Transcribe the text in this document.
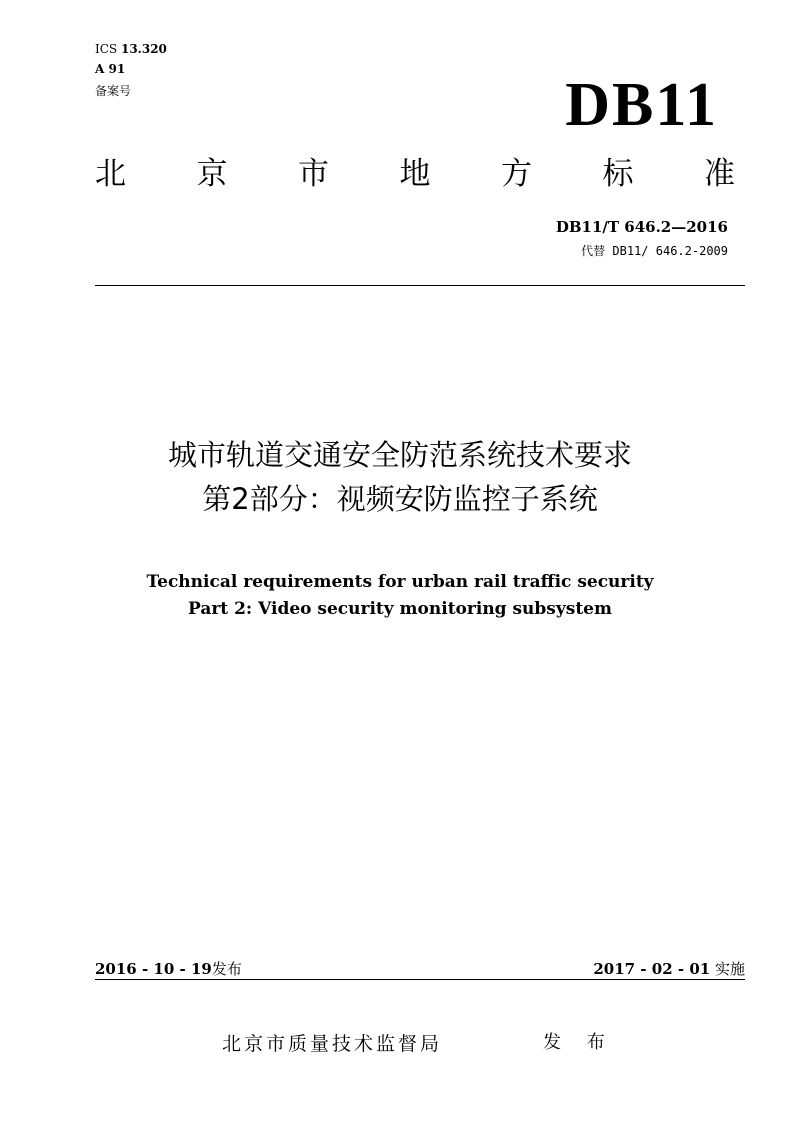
ICS 13.320
A 91
备案号	DB11
北 京 市 地 方 标 准
DB11/T 646.2—2016
代替 DB11/ 646.2-2009
城市轨道交通安全防范系统技术要求
第2部分：视频安防监控子系统
Technical requirements for urban rail traffic security
Part 2: Video security monitoring subsystem
2016 - 10 - 19发布	2017 - 02 - 01 实施
北京市质量技术监督局	发 布
